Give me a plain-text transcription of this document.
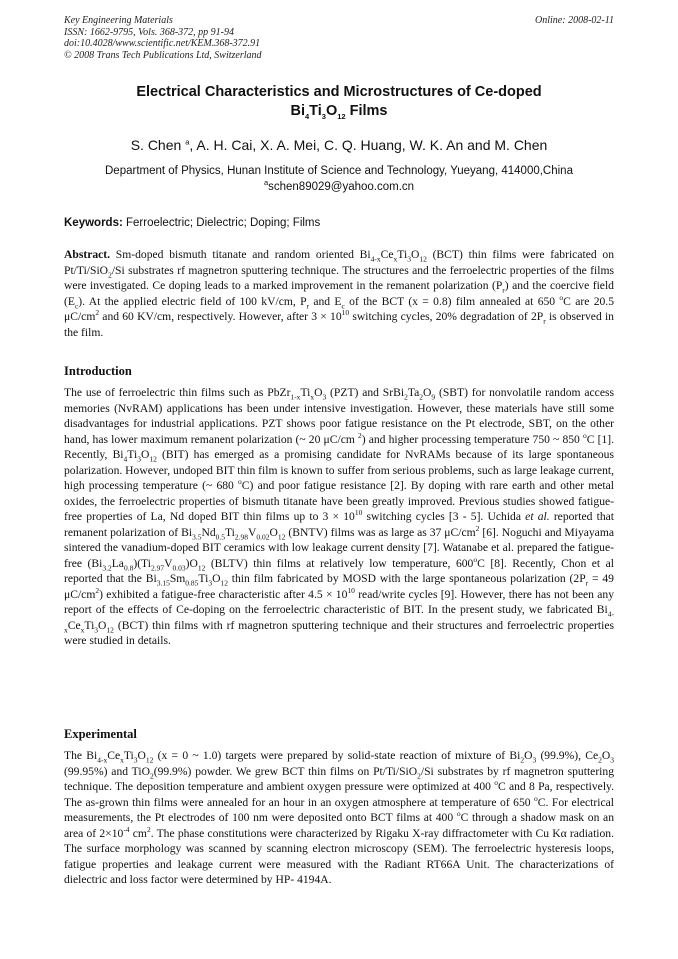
Key Engineering Materials
ISSN: 1662-9795, Vols. 368-372, pp 91-94
doi:10.4028/www.scientific.net/KEM.368-372.91
© 2008 Trans Tech Publications Ltd, Switzerland
Online: 2008-02-11
Electrical Characteristics and Microstructures of Ce-doped
$Bi_4Ti_3O_{12}$ Films
S. Chen $^a$, A. H. Cai, X. A. Mei, C. Q. Huang, W. K. An and M. Chen
Department of Physics, Hunan Institute of Science and Technology, Yueyang, 414000,China
$^a$schen89029@yahoo.com.cn
Keywords: Ferroelectric; Dielectric; Doping; Films
Abstract. Sm-doped bismuth titanate and random oriented $Bi_{4-x}Ce_xTi_3O_{12}$ (BCT) thin films were fabricated on Pt/Ti/SiO$_2$/Si substrates rf magnetron sputtering technique. The structures and the ferroelectric properties of the films were investigated. Ce doping leads to a marked improvement in the remanent polarization $(P_r)$ and the coercive field $(E_c)$. At the applied electric field of 100 kV/cm, $P_r$ and $E_c$ of the BCT (x = 0.8) film annealed at 650 $^o$C are 20.5 $\mu C/cm^2$ and 60 KV/cm, respectively. However, after $3 \times 10^{10}$ switching cycles, 20% degradation of $2P_r$ is observed in the film.
Introduction

The use of ferroelectric thin films such as $PbZr_{1-x}Ti_xO_3$ (PZT) and $SrBi_2Ta_2O_9$ (SBT) for nonvolatile random access memories (NvRAM) applications has been under intensive investigation. However, these materials have still some disadvantages for industrial applications. PZT shows poor fatigue resistance on the Pt electrode, SBT, on the other hand, has lower maximum remanent polarization (~ 20 μC/cm $^2$) and higher processing temperature 750 ~ 850 $^o$C [1]. Recently, $Bi_4Ti_3O_{12}$ (BIT) has emerged as a promising candidate for NvRAMs because of its large spontaneous polarization. However, undoped BIT thin film is known to suffer from serious problems, such as large leakage current, high processing temperature (~ 680 $^o$C) and poor fatigue resistance [2]. By doping with rare earth and other metal oxides, the ferroelectric properties of bismuth titanate have been greatly improved. Previous studies showed fatigue-free properties of La, Nd doped BIT thin films up to $3 \times 10^{10}$ switching cycles [3 - 5]. Uchida et al. reported that remanent polarization of $Bi_{3.5}Nd_{0.5}Ti_{2.98}V_{0.02}O_{12}$ (BNTV) films was as large as 37 $\mu C/cm^2$ [6]. Noguchi and Miyayama sintered the vanadium-doped BIT ceramics with low leakage current density [7]. Watanabe et al. prepared the fatigue-free $(Bi_{3.2}La_{0.8})(Ti_{2.97}V_{0.03})O_{12}$ (BLTV) thin films at relatively low temperature, 600$^o$C [8]. Recently, Chon et al reported that the $Bi_{3.15}Sm_{0.85}Ti_3O_{12}$ thin film fabricated by MOSD with the large spontaneous polarization ($2P_r = 49$ $\mu C/cm^2$) exhibited a fatigue-free characteristic after $4.5 \times 10^{10}$ read/write cycles [9]. However, there has not been any report of the effects of Ce-doping on the ferroelectric characteristic of BIT. In the present study, we fabricated $Bi_{4-x}Ce_xTi_3O_{12}$ (BCT) thin films with rf magnetron sputtering technique and their structures and ferroelectric properties were studied in details.

Experimental

The $Bi_{4-x}Ce_xTi_3O_{12}$ (x = 0 ~ 1.0) targets were prepared by solid-state reaction of mixture of $Bi_2O_3$ (99.9%), $Ce_2O_3$ (99.95%) and TiO$_2$(99.9%) powder. We grew BCT thin films on Pt/Ti/SiO$_2$/Si substrates by rf magnetron sputtering technique. The deposition temperature and ambient oxygen pressure were optimized at 400 $^o$C and 8 Pa, respectively. The as-grown thin films were annealed for an hour in an oxygen atmosphere at temperature of 650 $^o$C. For electrical measurements, the Pt electrodes of 100 nm were deposited onto BCT films at 400 $^o$C through a shadow mask on an area of $2\times 10^{-4}$ $cm^2$. The phase constitutions were characterized by Rigaku X-ray diffractometer with Cu Kα radiation. The surface morphology was scanned by scanning electron microscopy (SEM). The ferroelectric hysteresis loops, fatigue properties and leakage current were measured with the Radiant RT66A Unit. The characterizations of dielectric and loss factor were determined by HP- 4194A.
